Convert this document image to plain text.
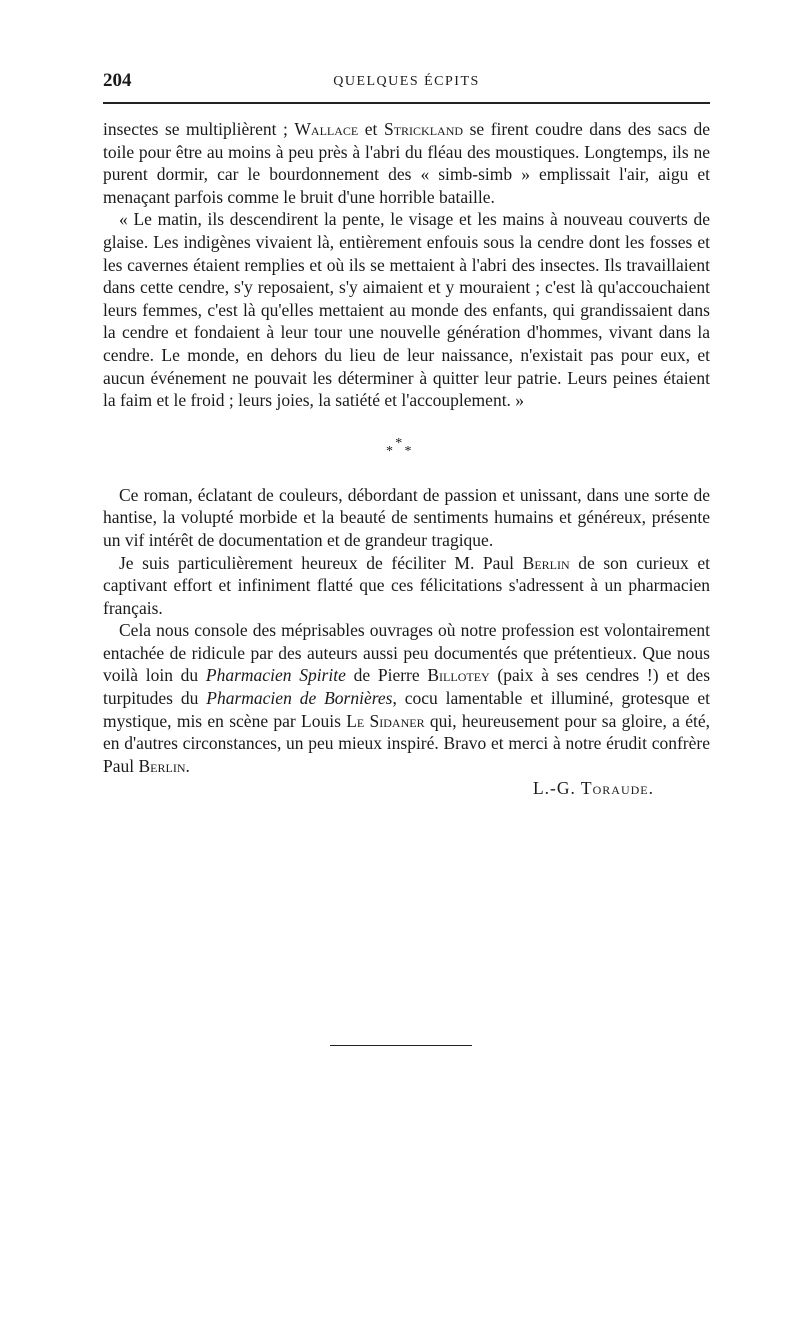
204	QUELQUES ÉCPITS

insectes se multiplièrent ; Wallace et Strickland se firent coudre dans des sacs de toile pour être au moins à peu près à l'abri du fléau des moustiques. Longtemps, ils ne purent dormir, car le bourdonnement des « simb-simb » emplissait l'air, aigu et menaçant parfois comme le bruit d'une horrible bataille.

« Le matin, ils descendirent la pente, le visage et les mains à nouveau couverts de glaise. Les indigènes vivaient là, entièrement enfouis sous la cendre dont les fosses et les cavernes étaient remplies et où ils se mettaient à l'abri des insectes. Ils travaillaient dans cette cendre, s'y reposaient, s'y aimaient et y mouraient ; c'est là qu'accouchaient leurs femmes, c'est là qu'elles mettaient au monde des enfants, qui grandissaient dans la cendre et fondaient à leur tour une nouvelle génération d'hommes, vivant dans la cendre. Le monde, en dehors du lieu de leur naissance, n'existait pas pour eux, et aucun événement ne pouvait les déterminer à quitter leur patrie. Leurs peines étaient la faim et le froid ; leurs joies, la satiété et l'accouplement. »

*
* *

Ce roman, éclatant de couleurs, débordant de passion et unissant, dans une sorte de hantise, la volupté morbide et la beauté de sentiments humains et généreux, présente un vif intérêt de documentation et de grandeur tragique.

Je suis particulièrement heureux de féciliter M. Paul Berlin de son curieux et captivant effort et infiniment flatté que ces félicitations s'adressent à un pharmacien français.

Cela nous console des méprisables ouvrages où notre profession est volontairement entachée de ridicule par des auteurs aussi peu documentés que prétentieux. Que nous voilà loin du Pharmacien Spirite de Pierre Billotey (paix à ses cendres !) et des turpitudes du Pharmacien de Bornières, cocu lamentable et illuminé, grotesque et mystique, mis en scène par Louis Le Sidaner qui, heureusement pour sa gloire, a été, en d'autres circonstances, un peu mieux inspiré. Bravo et merci à notre érudit confrère Paul Berlin.

L.-G. Toraude.
